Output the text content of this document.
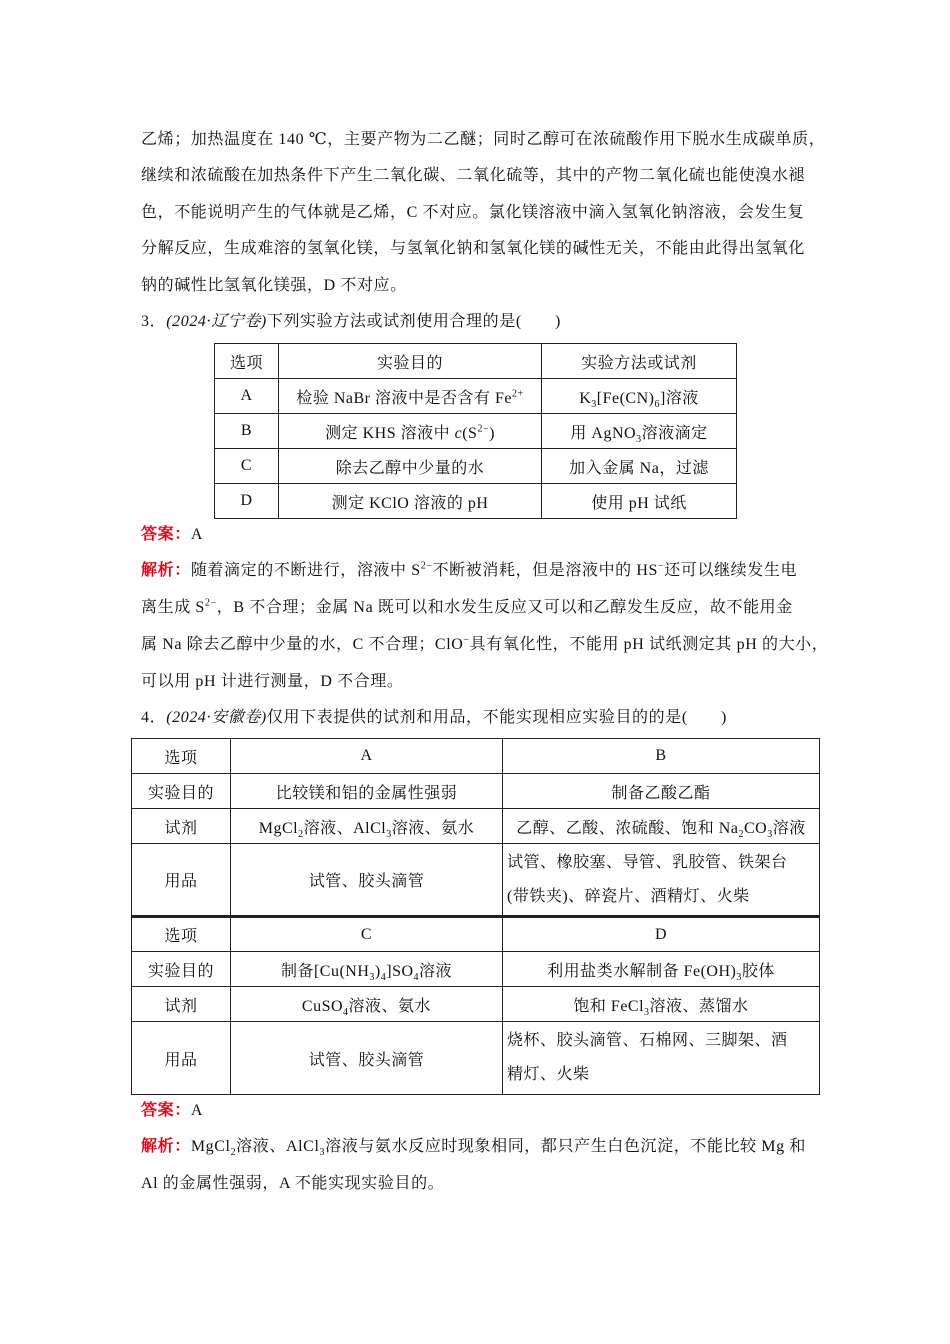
乙烯；加热温度在 140 ℃，主要产物为二乙醚；同时乙醇可在浓硫酸作用下脱水生成碳单质，
继续和浓硫酸在加热条件下产生二氧化碳、二氧化硫等，其中的产物二氧化硫也能使溴水褪
色，不能说明产生的气体就是乙烯，C 不对应。氯化镁溶液中滴入氢氧化钠溶液，会发生复
分解反应，生成难溶的氢氧化镁，与氢氧化钠和氢氧化镁的碱性无关，不能由此得出氢氧化
钠的碱性比氢氧化镁强，D 不对应。
3．(2024·辽宁卷)下列实验方法或试剂使用合理的是(　　)
选项	实验目的	实验方法或试剂
A	检验 NaBr 溶液中是否含有 $Fe^{2+}$	$K_3[Fe(CN)_6]$溶液
B	测定 KHS 溶液中 $c(S^{2-})$	用 AgNO$_3$溶液滴定
C	除去乙醇中少量的水	加入金属 Na，过滤
D	测定 KClO 溶液的 pH	使用 pH 试纸
答案：A
解析：随着滴定的不断进行，溶液中 $S^{2-}$不断被消耗，但是溶液中的 HS−还可以继续发生电
离生成 $S^{2-}$，B 不合理；金属 Na 既可以和水发生反应又可以和乙醇发生反应，故不能用金
属 Na 除去乙醇中少量的水，C 不合理；ClO−具有氧化性，不能用 pH 试纸测定其 pH 的大小，
可以用 pH 计进行测量，D 不合理。
4．(2024·安徽卷)仅用下表提供的试剂和用品，不能实现相应实验目的的是(　　)
选项	A	B
实验目的	比较镁和铝的金属性强弱	制备乙酸乙酯
试剂	MgCl$_2$溶液、AlCl$_3$溶液、氨水	乙醇、乙酸、浓硫酸、饱和 $Na_2CO_3$溶液
用品	试管、胶头滴管	试管、橡胶塞、导管、乳胶管、铁架台
(带铁夹)、碎瓷片、酒精灯、火柴
选项	C	D
实验目的	制备$[Cu(NH_3)_4]SO_4$溶液	利用盐类水解制备 $Fe(OH)_3$胶体
试剂	CuSO$_4$溶液、氨水	饱和 FeCl$_3$溶液、蒸馏水
用品	试管、胶头滴管	烧杯、胶头滴管、石棉网、三脚架、酒
精灯、火柴
答案：A
解析：MgCl$_2$溶液、AlCl$_3$溶液与氨水反应时现象相同，都只产生白色沉淀，不能比较 Mg 和
Al 的金属性强弱，A 不能实现实验目的。
